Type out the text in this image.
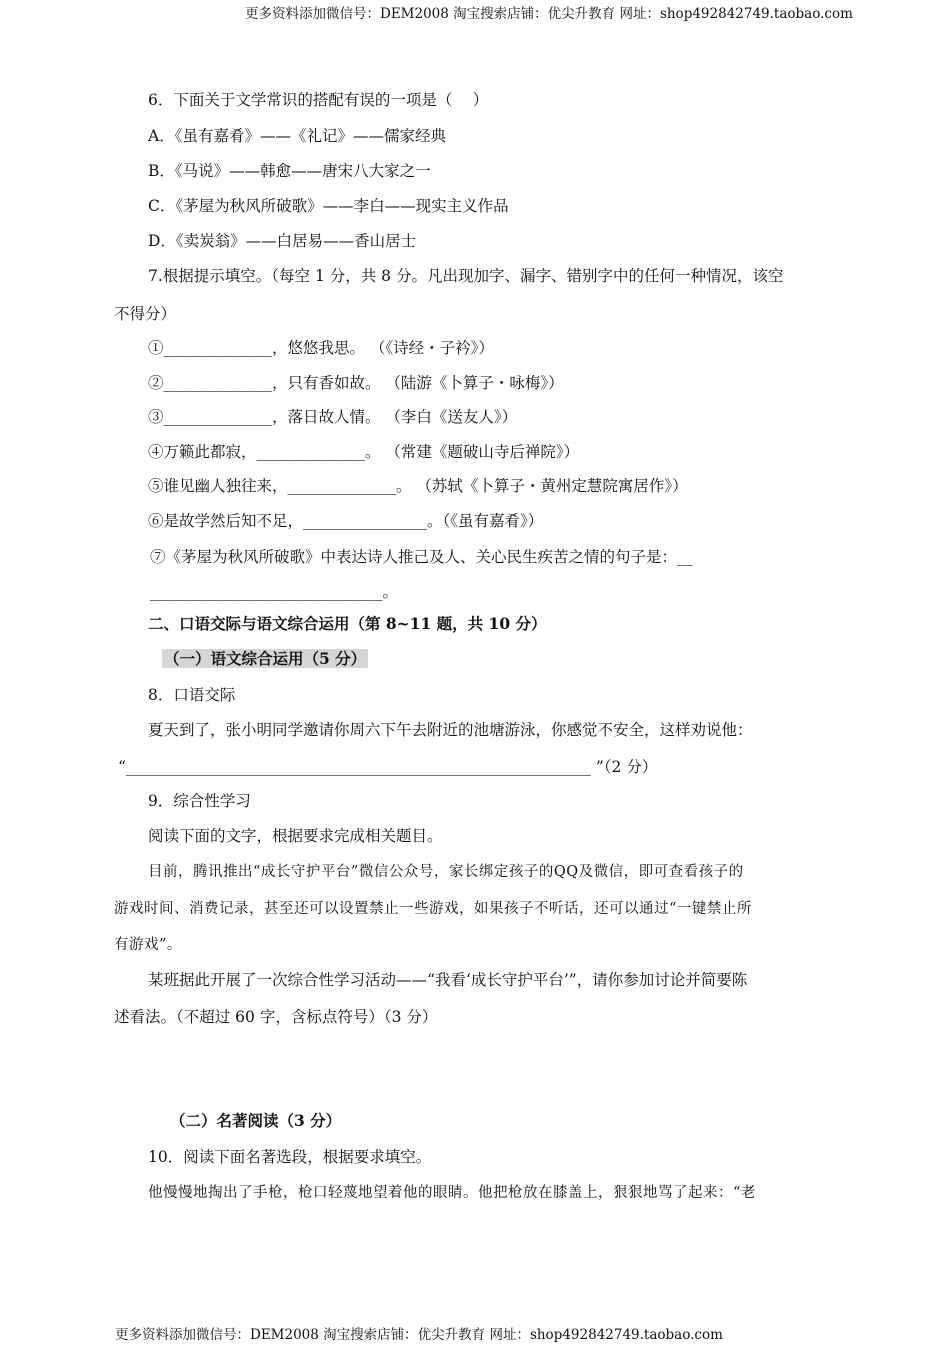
更多资料添加微信号：DEM2008 淘宝搜索店铺：优尖升教育 网址：shop492842749.taobao.com
6．下面关于文学常识的搭配有误的一项是（　 ）
A．《虽有嘉肴》——《礼记》——儒家经典
B．《马说》——韩愈——唐宋八大家之一
C．《茅屋为秋风所破歌》——李白——现实主义作品
D．《卖炭翁》——白居易——香山居士
7.根据提示填空。（每空 1 分，共 8 分。凡出现加字、漏字、错别字中的任何一种情况，该空
不得分）
①______________，悠悠我思。 （《诗经・子衿》）
②______________，只有香如故。 （陆游《卜算子・咏梅》）
③______________，落日故人情。 （李白《送友人》）
④万籁此都寂，______________。 （常建《题破山寺后禅院》）
⑤谁见幽人独往来，______________。 （苏轼《卜算子・黄州定慧院寓居作》）
⑥是故学然后知不足，________________。（《虽有嘉肴》）
⑦《茅屋为秋风所破歌》中表达诗人推己及人、关心民生疾苦之情的句子是：__
______________________________。
二、口语交际与语文综合运用（第 8~11 题，共 10 分）
（一）语文综合运用（5 分）
8．口语交际
夏天到了，张小明同学邀请你周六下午去附近的池塘游泳，你感觉不安全，这样劝说他：
“____________________________________________________________ ”（2 分）
9．综合性学习
阅读下面的文字，根据要求完成相关题目。
目前，腾讯推出“成长守护平台”微信公众号，家长绑定孩子的QQ及微信，即可查看孩子的
游戏时间、消费记录，甚至还可以设置禁止一些游戏，如果孩子不听话，还可以通过“一键禁止所
有游戏”。
某班据此开展了一次综合性学习活动——“我看‘成长守护平台’”，请你参加讨论并简要陈
述看法。（不超过 60 字，含标点符号）（3 分）
（二）名著阅读（3 分）
10．阅读下面名著选段，根据要求填空。
他慢慢地掏出了手枪，枪口轻蔑地望着他的眼睛。他把枪放在膝盖上，狠狠地骂了起来：“老
更多资料添加微信号：DEM2008 淘宝搜索店铺：优尖升教育 网址：shop492842749.taobao.com
